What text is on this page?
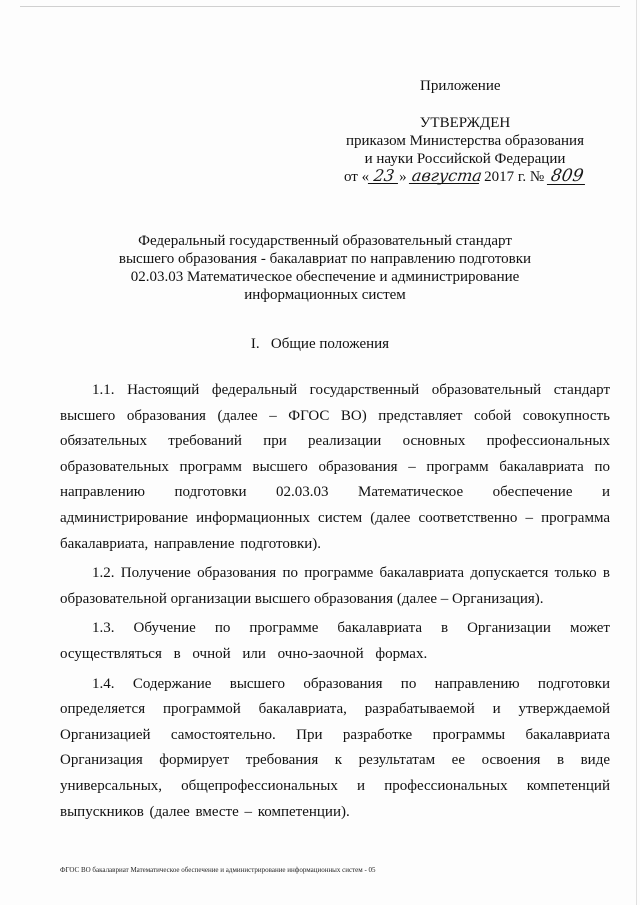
Приложение
УТВЕРЖДЕН
приказом Министерства образования
и науки Российской Федерации
от « 23 » августа 2017 г. № 809
Федеральный государственный образовательный стандарт
высшего образования - бакалавриат по направлению подготовки
02.03.03 Математическое обеспечение и администрирование
информационных систем
I.   Общие положения

1.1. Настоящий федеральный государственный образовательный стандарт высшего образования (далее – ФГОС ВО) представляет собой совокупность обязательных требований при реализации основных профессиональных образовательных программ высшего образования – программ бакалавриата по направлению подготовки 02.03.03 Математическое обеспечение и администрирование информационных систем (далее соответственно – программа бакалавриата, направление подготовки).

1.2. Получение образования по программе бакалавриата допускается только в образовательной организации высшего образования (далее – Организация).

1.3. Обучение по программе бакалавриата в Организации может осуществляться в очной или очно-заочной формах.

1.4. Содержание высшего образования по направлению подготовки определяется программой бакалавриата, разрабатываемой и утверждаемой Организацией самостоятельно. При разработке программы бакалавриата Организация формирует требования к результатам ее освоения в виде универсальных, общепрофессиональных и профессиональных компетенций выпускников (далее вместе – компетенции).

ФГОС ВО бакалавриат Математическое обеспечение и администрирование информационных систем - 05
